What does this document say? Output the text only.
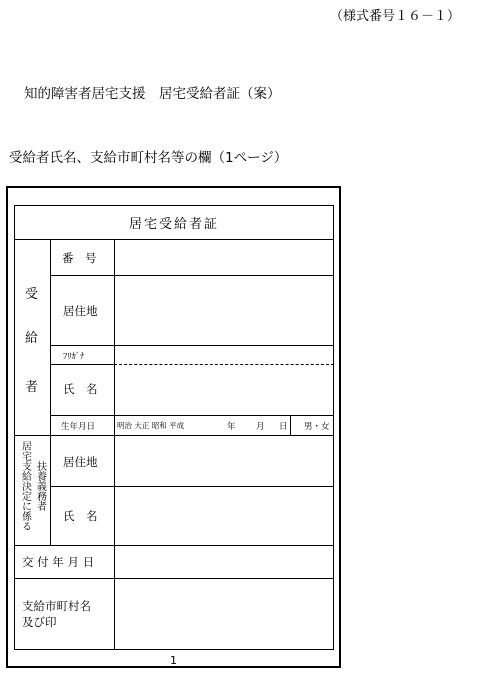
（様式番号１６－１）
知的障害者居宅支援　居宅受給者証（案）
受給者氏名、支給市町村名等の欄（1ページ）
居宅受給者証
受
給
者
番　号
居住地
ﾌﾘｶﾞﾅ
氏　名
生年月日	明治 大正 昭和 平成	年 月 日 男・女
居宅支給決定に係る 扶養義務者 居住地
氏　名
交 付 年 月 日
支給市町村名
及び印
1
